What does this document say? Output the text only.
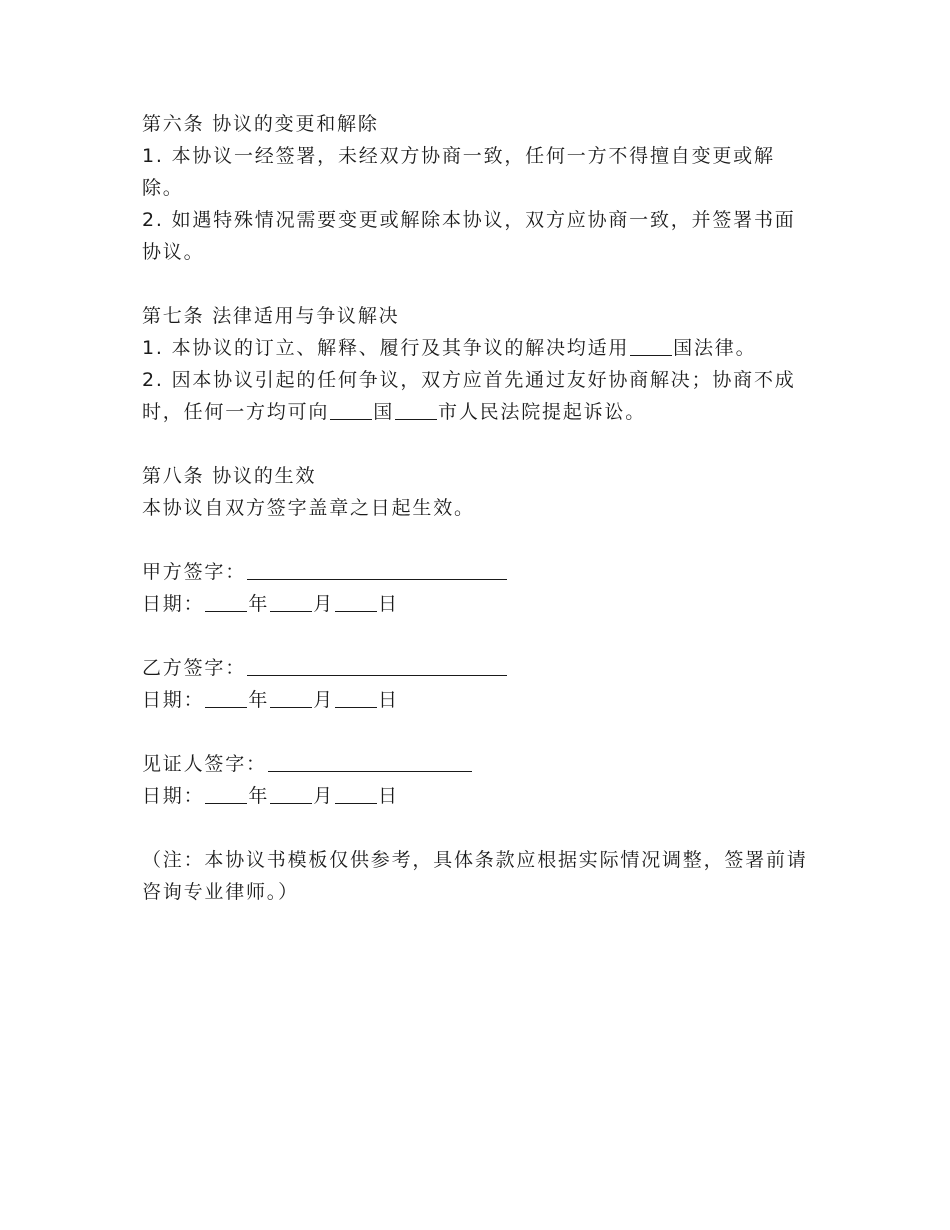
第六条 协议的变更和解除

1. 本协议一经签署，未经双方协商一致，任何一方不得擅自变更或解除。

2. 如遇特殊情况需要变更或解除本协议，双方应协商一致，并签署书面协议。

第七条 法律适用与争议解决

1. 本协议的订立、解释、履行及其争议的解决均适用 国法律。

2. 因本协议引起的任何争议，双方应首先通过友好协商解决；协商不成时，任何一方均可向 国 市人民法院提起诉讼。

第八条 协议的生效

本协议自双方签字盖章之日起生效。

甲方签字：

日期： 年 月 日

乙方签字：

日期： 年 月 日

见证人签字：

日期： 年 月 日

（注：本协议书模板仅供参考，具体条款应根据实际情况调整，签署前请咨询专业律师。）
